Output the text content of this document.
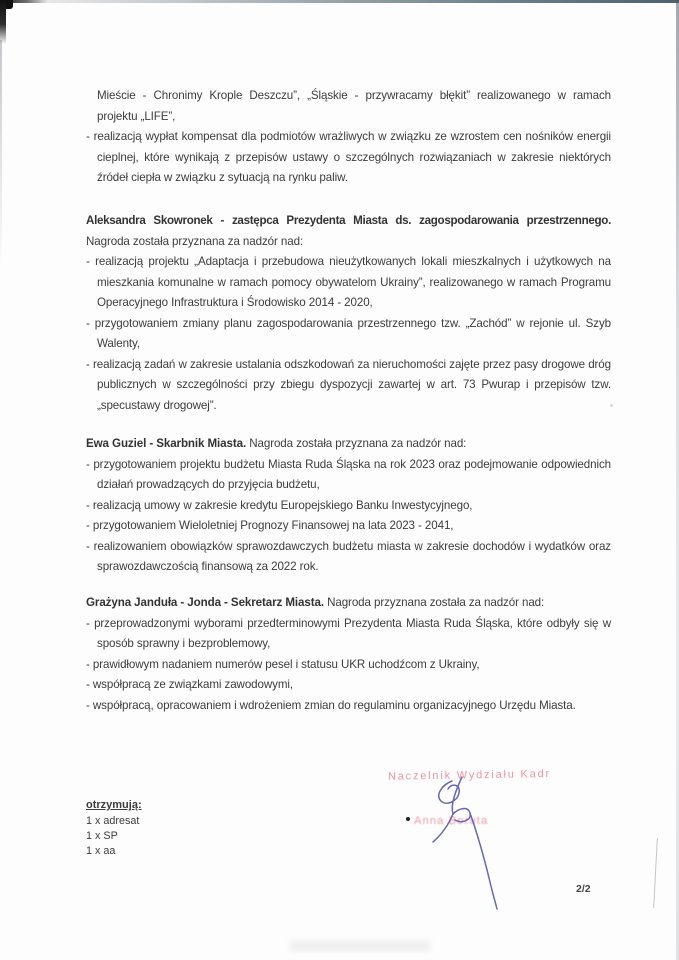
Mieście - Chronimy Krople Deszczu”, „Śląskie - przywracamy błękit” realizowanego w ramach projektu „LIFE”,

- realizacją wypłat kompensat dla podmiotów wrażliwych w związku ze wzrostem cen nośników energii cieplnej, które wynikają z przepisów ustawy o szczególnych rozwiązaniach w zakresie niektórych źródeł ciepła w związku z sytuacją na rynku paliw.

Aleksandra Skowronek - zastępca Prezydenta Miasta ds. zagospodarowania przestrzennego.

Nagroda została przyznana za nadzór nad:

- realizacją projektu „Adaptacja i przebudowa nieużytkowanych lokali mieszkalnych i użytkowych na mieszkania komunalne w ramach pomocy obywatelom Ukrainy”, realizowanego w ramach Programu Operacyjnego Infrastruktura i Środowisko 2014 - 2020,

- przygotowaniem zmiany planu zagospodarowania przestrzennego tzw. „Zachód” w rejonie ul. Szyb Walenty,

- realizacją zadań w zakresie ustalania odszkodowań za nieruchomości zajęte przez pasy drogowe dróg publicznych w szczególności przy zbiegu dyspozycji zawartej w art. 73 Pwurap i przepisów tzw. „specustawy drogowej”.

Ewa Guziel - Skarbnik Miasta. Nagroda została przyznana za nadzór nad:

- przygotowaniem projektu budżetu Miasta Ruda Śląska na rok 2023 oraz podejmowanie odpowiednich działań prowadzących do przyjęcia budżetu,

- realizacją umowy w zakresie kredytu Europejskiego Banku Inwestycyjnego,

- przygotowaniem Wieloletniej Prognozy Finansowej na lata 2023 - 2041,

- realizowaniem obowiązków sprawozdawczych budżetu miasta w zakresie dochodów i wydatków oraz sprawozdawczością finansową za 2022 rok.

Grażyna Janduła - Jonda - Sekretarz Miasta. Nagroda przyznana została za nadzór nad:

- przeprowadzonymi wyborami przedterminowymi Prezydenta Miasta Ruda Śląska, które odbyły się w sposób sprawny i bezproblemowy,

- prawidłowym nadaniem numerów pesel i statusu UKR uchodźcom z Ukrainy,

- współpracą ze związkami zawodowymi,

- współpracą, opracowaniem i wdrożeniem zmian do regulaminu organizacyjnego Urzędu Miasta.

otrzymują:
1 x adresat
1 x SP
1 x aa
Naczelnik Wydziału Kadr
Anna Boruta
2/2
